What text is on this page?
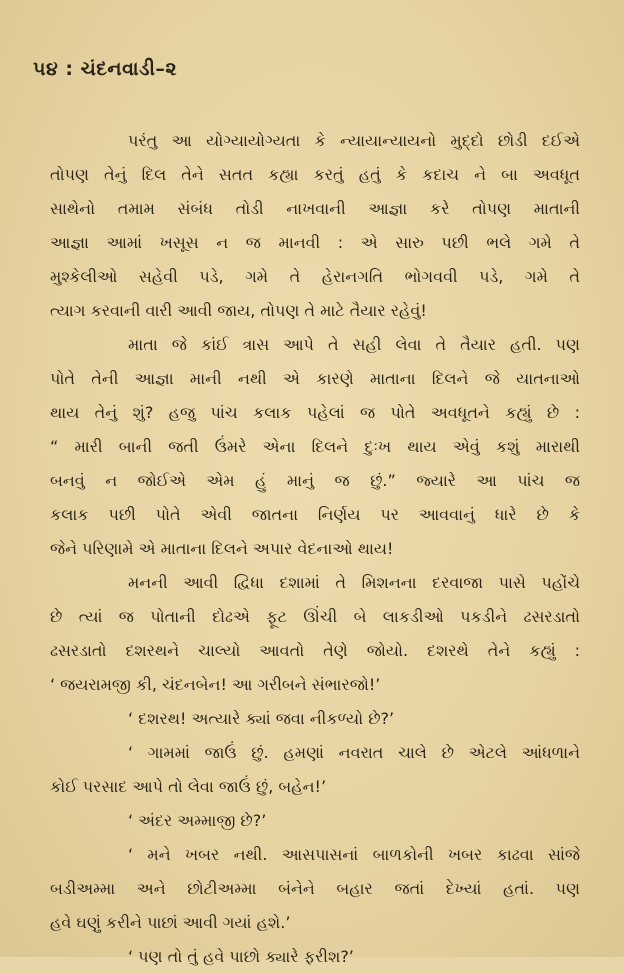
૫૪ : ચંદનવાડી–૨
પરંતુ આ યોગ્યાયોગ્યતા કે ન્યાયાન્યાયનો મુદ્દો છોડી દઈએ
તોપણ તેનું દિલ તેને સતત કહ્યા કરતું હતું કે કદાચ ને બા અવધૂત
સાથેનો તમામ સંબંધ તોડી નાખવાની આજ્ઞા કરે તોપણ માતાની
આજ્ઞા આમાં ખસૂસ ન જ માનવી : એ સારુ પછી ભલે ગમે તે
મુશ્કેલીઓ સહેવી પડે, ગમે તે હેરાનગતિ ભોગવવી પડે, ગમે તે
ત્યાગ કરવાની વારી આવી જાય, તોપણ તે માટે તૈયાર રહેવું!
માતા જે કાંઈ ત્રાસ આપે તે સહી લેવા તે તૈયાર હતી. પણ
પોતે તેની આજ્ઞા માની નથી એ કારણે માતાના દિલને જે યાતનાઓ
થાય તેનું શું? હજુ પાંચ કલાક પહેલાં જ પોતે અવધૂતને કહ્યું છે :
“ મારી બાની જતી ઉંમરે એના દિલને દુઃખ થાય એવું કશું મારાથી
બનવું ન જોઈએ એમ હું માનું જ છું.” જ્યારે આ પાંચ જ
કલાક પછી પોતે એવી જાતના નિર્ણય પર આવવાનું ધારે છે કે
જેને પરિણામે એ માતાના દિલને અપાર વેદનાઓ થાય!
મનની આવી દ્વિધા દશામાં તે મિશનના દરવાજા પાસે પહોંચે
છે ત્યાં જ પોતાની દોઢએ ફૂટ ઊંચી બે લાકડીઓ પકડીને ઢસરડાતો
ઢસરડાતો દશરથને ચાલ્યો આવતો તેણે જોયો. દશરથે તેને કહ્યું :
‘ જયરામજી કી, ચંદનબેન! આ ગરીબને સંભારજો!’
‘ દશરથ! અત્યારે ક્યાં જવા નીકળ્યો છે?’
‘ ગામમાં જાઉં છું. હમણાં નવરાત ચાલે છે એટલે આંધળાને
કોઈ પરસાદ આપે તો લેવા જાઉં છું, બહેન!’
‘ અંદર અમ્માજી છે?’
‘ મને ખબર નથી. આસપાસનાં બાળકોની ખબર કાઢવા સાંજે
બડીઅમ્મા અને છોટીઅમ્મા બંનેને બહાર જતાં દેખ્યાં હતાં. પણ
હવે ઘણું કરીને પાછાં આવી ગયાં હશે.’
‘ પણ તો તું હવે પાછો ક્યારે ફરીશ?’
